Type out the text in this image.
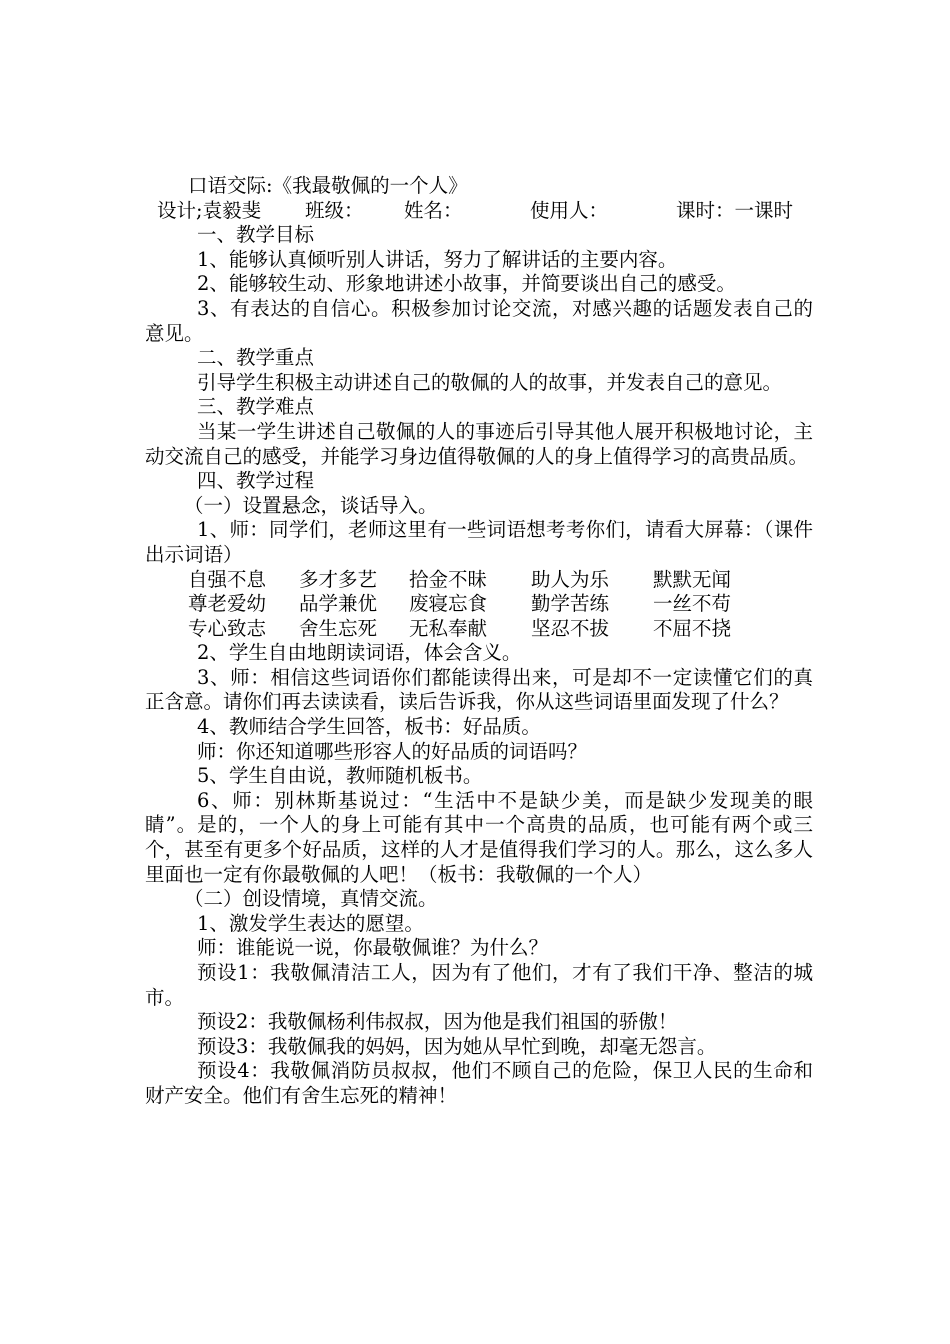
口语交际:《我最敬佩的一个人》

设计;袁毅斐 班级： 姓名：	使用人：	课时：一课时

一、教学目标

1、能够认真倾听别人讲话，努力了解讲话的主要内容。

2、能够较生动、形象地讲述小故事，并简要谈出自己的感受。

3、有表达的自信心。积极参加讨论交流，对感兴趣的话题发表自己的意见。

二、教学重点

引导学生积极主动讲述自己的敬佩的人的故事，并发表自己的意见。

三、教学难点

当某一学生讲述自己敬佩的人的事迹后引导其他人展开积极地讨论，主动交流自己的感受，并能学习身边值得敬佩的人的身上值得学习的高贵品质。

四、教学过程

（一）设置悬念，谈话导入。

1、师：同学们，老师这里有一些词语想考考你们，请看大屏幕：（课件出示词语）

自强不息	多才多艺	拾金不昧	助人为乐	默默无闻
尊老爱幼	品学兼优	废寝忘食	勤学苦练	一丝不苟
专心致志	舍生忘死	无私奉献	坚忍不拔	不屈不挠

2、学生自由地朗读词语，体会含义。

3、师：相信这些词语你们都能读得出来，可是却不一定读懂它们的真正含意。请你们再去读读看，读后告诉我，你从这些词语里面发现了什么？

4、教师结合学生回答，板书：好品质。

师：你还知道哪些形容人的好品质的词语吗？

5、学生自由说，教师随机板书。

6、师：别林斯基说过：“生活中不是缺少美，而是缺少发现美的眼睛”。是的，一个人的身上可能有其中一个高贵的品质，也可能有两个或三个，甚至有更多个好品质，这样的人才是值得我们学习的人。那么，这么多人里面也一定有你最敬佩的人吧！（板书：我敬佩的一个人）

（二）创设情境，真情交流。

1、激发学生表达的愿望。

师：谁能说一说，你最敬佩谁？为什么？

预设1：我敬佩清洁工人，因为有了他们，才有了我们干净、整洁的城市。

预设2：我敬佩杨利伟叔叔，因为他是我们祖国的骄傲！

预设3：我敬佩我的妈妈，因为她从早忙到晚，却毫无怨言。

预设4：我敬佩消防员叔叔，他们不顾自己的危险，保卫人民的生命和财产安全。他们有舍生忘死的精神！
